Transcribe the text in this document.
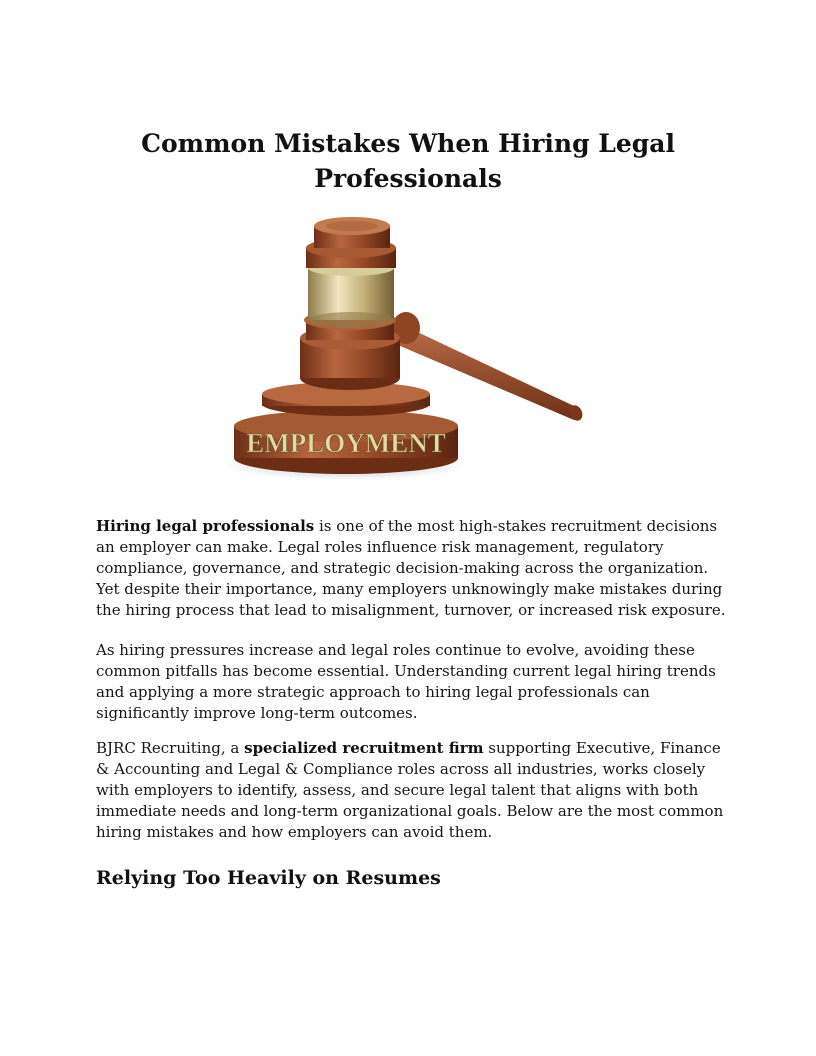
Common Mistakes When Hiring Legal Professionals
EMPLOYMENT

Hiring legal professionals is one of the most high-stakes recruitment decisions an employer can make. Legal roles influence risk management, regulatory compliance, governance, and strategic decision-making across the organization. Yet despite their importance, many employers unknowingly make mistakes during the hiring process that lead to misalignment, turnover, or increased risk exposure.

As hiring pressures increase and legal roles continue to evolve, avoiding these common pitfalls has become essential. Understanding current legal hiring trends and applying a more strategic approach to hiring legal professionals can significantly improve long-term outcomes.

BJRC Recruiting, a specialized recruitment firm supporting Executive, Finance & Accounting and Legal & Compliance roles across all industries, works closely with employers to identify, assess, and secure legal talent that aligns with both immediate needs and long-term organizational goals. Below are the most common hiring mistakes and how employers can avoid them.

Relying Too Heavily on Resumes
